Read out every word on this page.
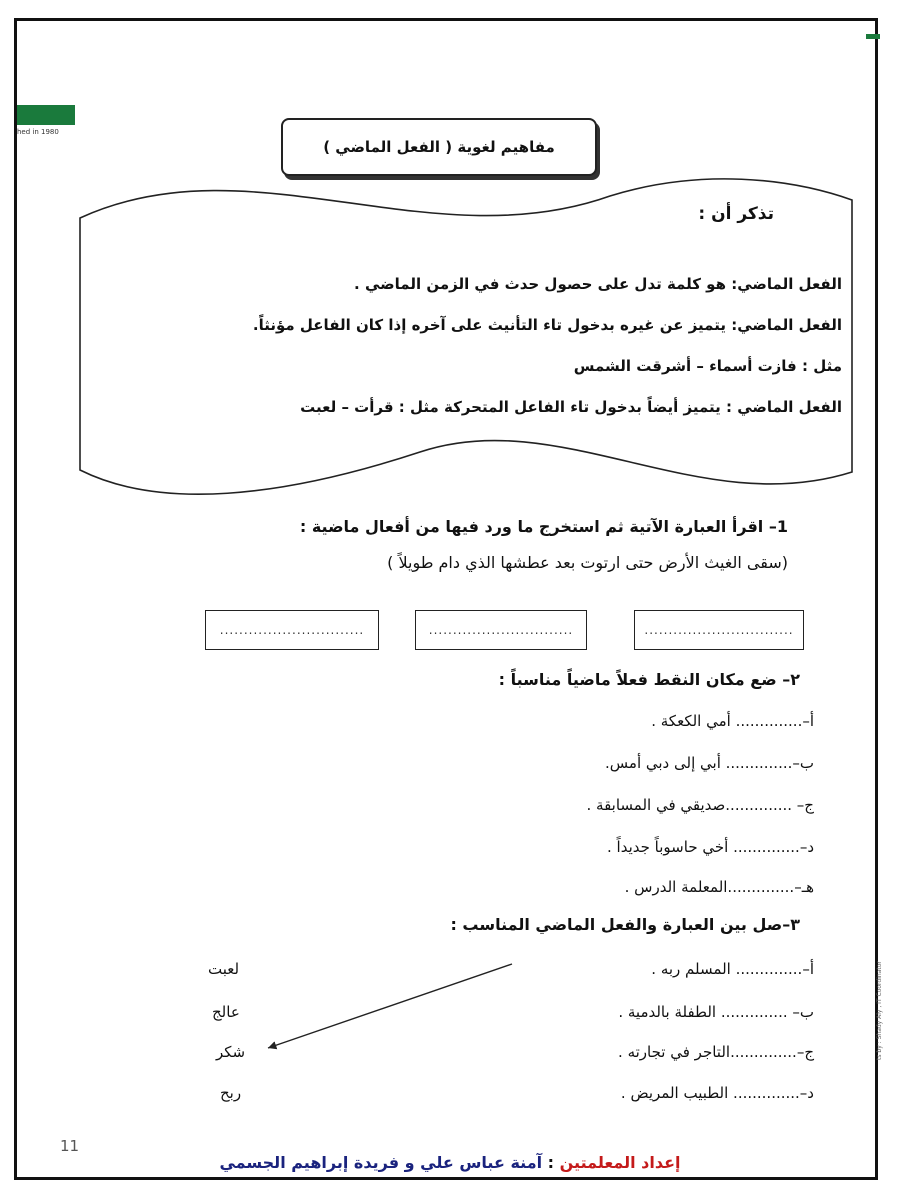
hed in 1980
مفاهيم لغوية ( الفعل الماضي )
تذكر أن :
الفعل الماضي: هو كلمة تدل على حصول حدث في الزمن الماضي .
الفعل الماضي: يتميز عن غيره بدخول تاء التأنيث على آخره إذا كان الفاعل مؤنثاً.
مثل : فازت أسماء – أشرقت الشمس
الفعل الماضي : يتميز أيضاً بدخول تاء الفاعل المتحركة مثل : قرأت – لعبت
1– اقرأ العبارة الآتية ثم استخرج ما ورد فيها من أفعال ماضية :
(سقى الغيث الأرض حتى ارتوت بعد عطشها الذي دام طويلاً )
..............................	..............................	...............................
٢– ضع مكان النقط فعلاً ماضياً مناسباً :
أ–.............. أمي الكعكة .
ب–.............. أبي إلى دبي أمس.
ج– ..............صديقي في المسابقة .
د–.............. أخي حاسوباً جديداً .
هـ–..............المعلمة الدرس .
٣–صل بين العبارة والفعل الماضي المناسب :
أ–.............. المسلم ربه .
ب– .............. الطفلة بالدمية .
ج–..............التاجر في تجارته .
د–.............. الطبيب المريض .
لعبت
عالج
شكر
ربح
11
إعداد المعلمتين : آمنة عباس علي و فريدة إبراهيم الجسمي
ts by : Shady Aly , IT Coordinator
